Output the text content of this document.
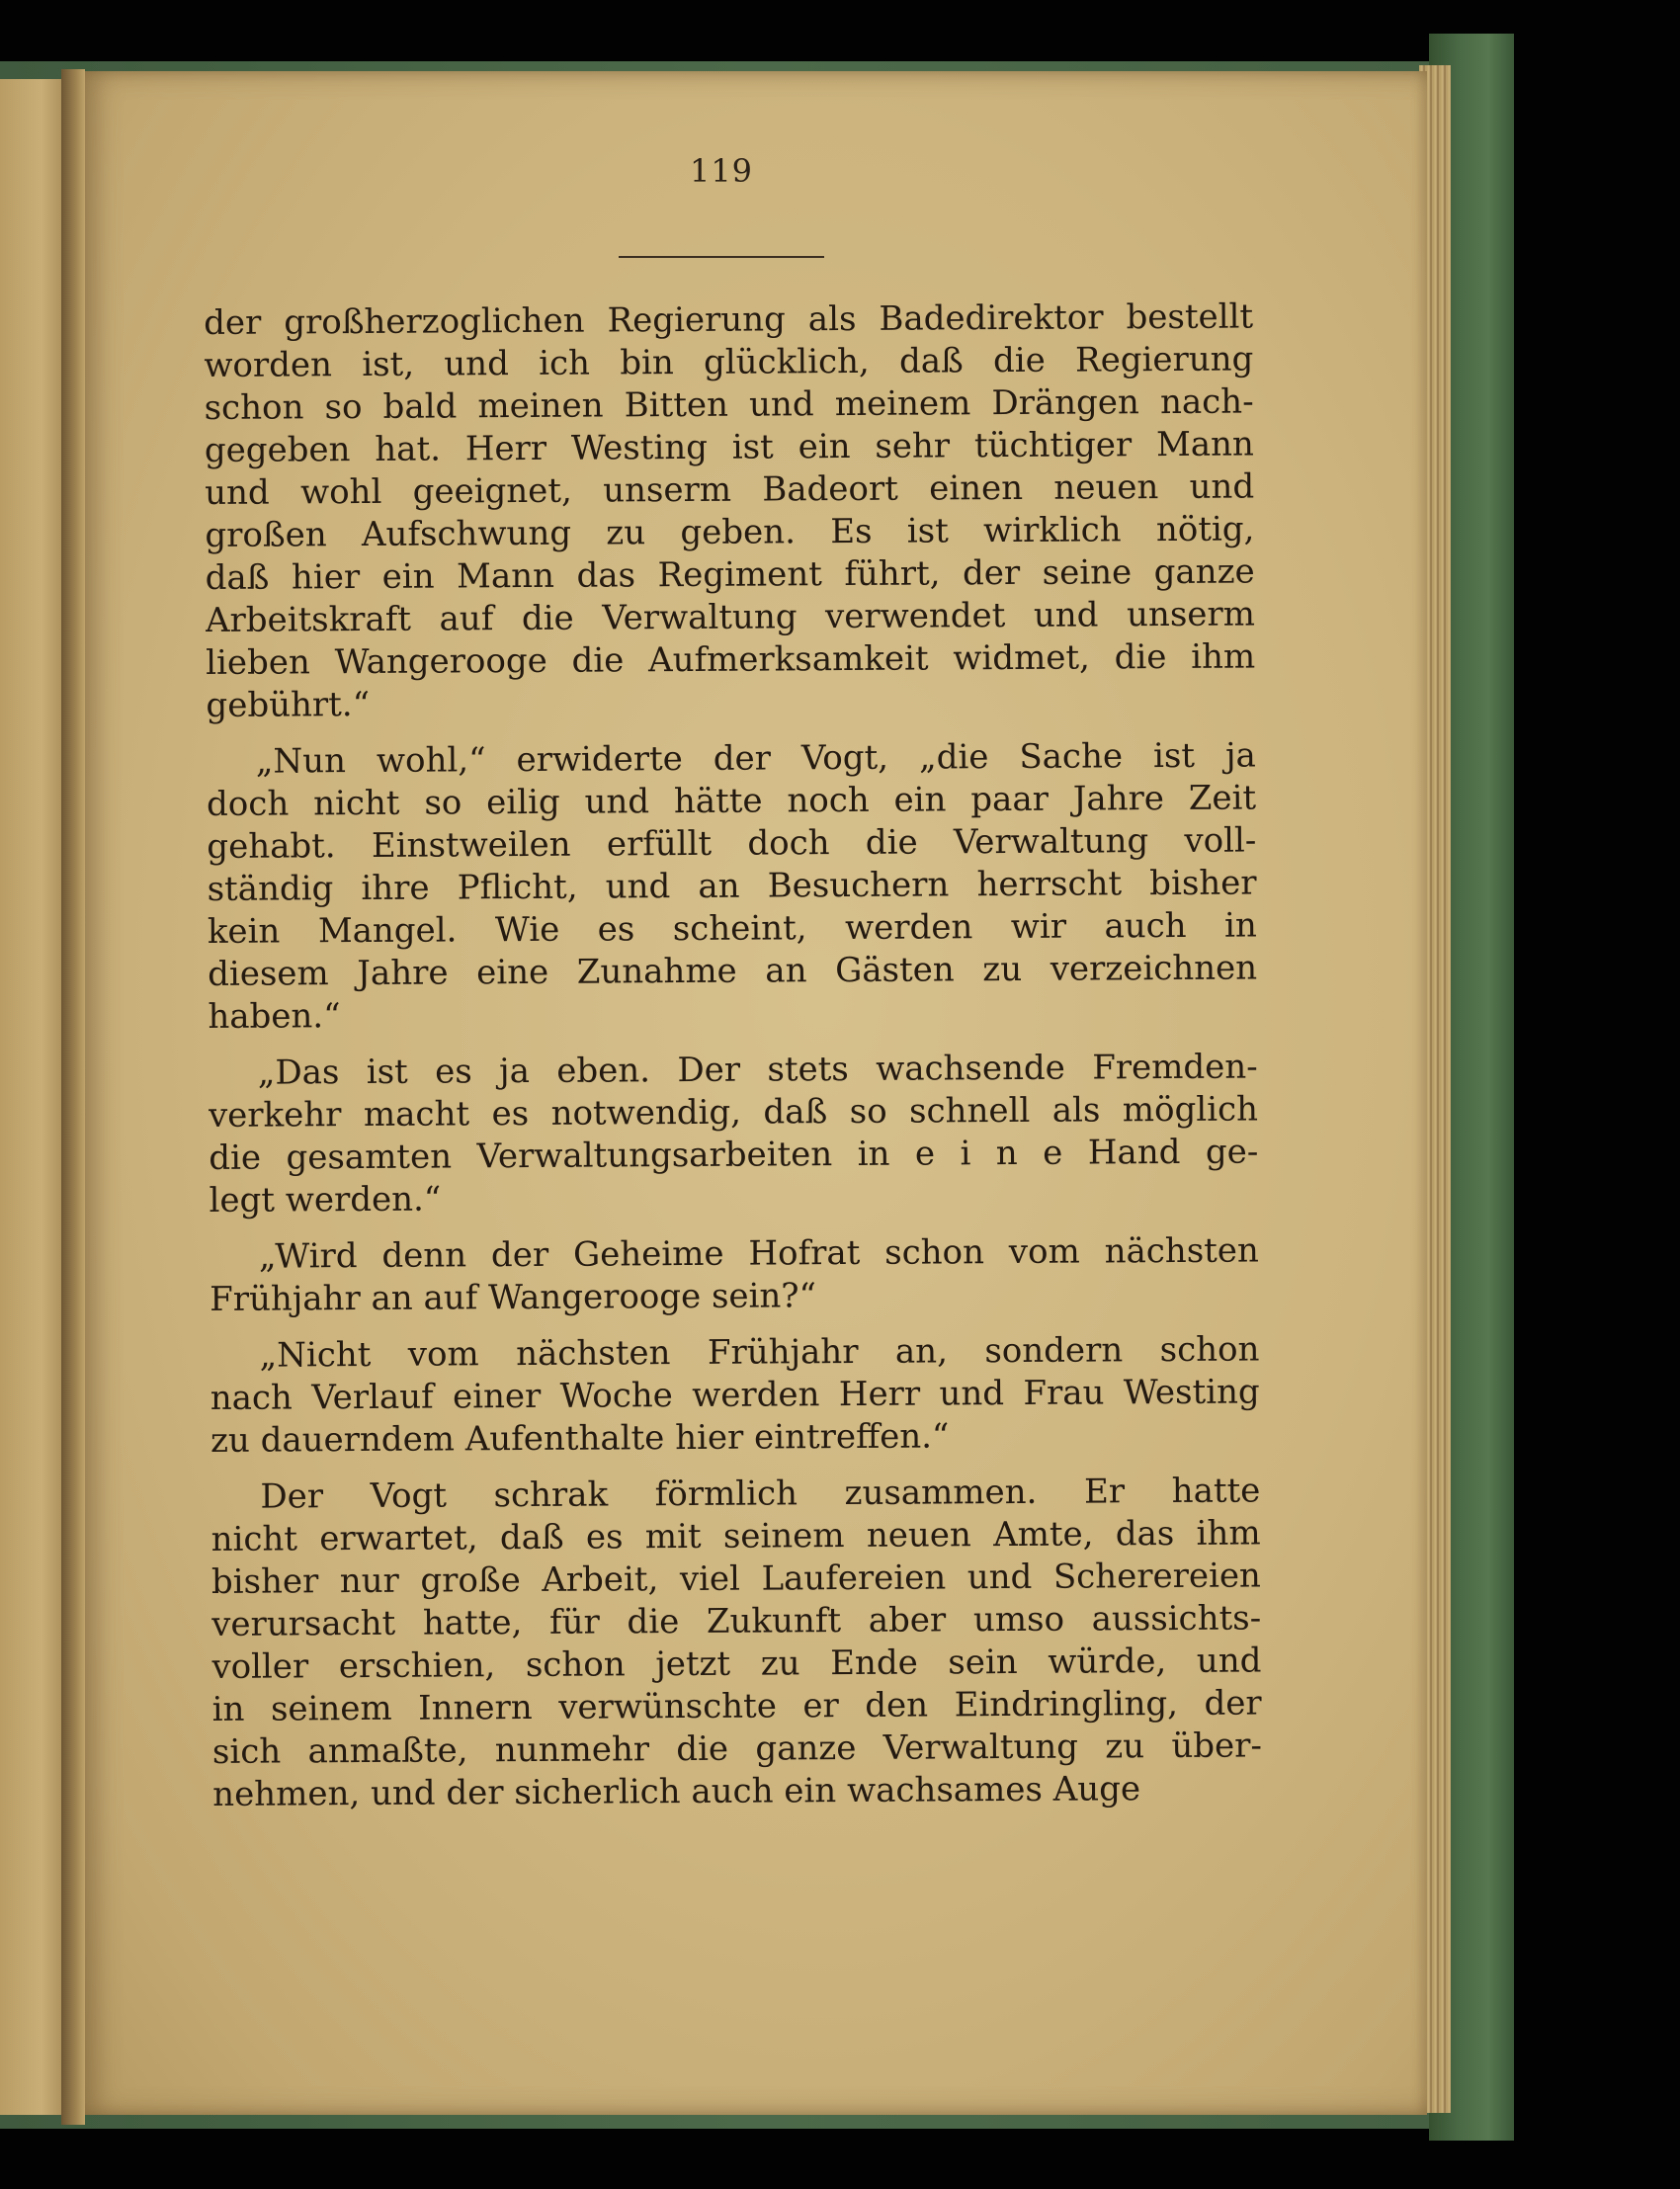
119
der großherzoglichen Regierung als Badedirektor bestellt
worden ist, und ich bin glücklich, daß die Regierung
schon so bald meinen Bitten und meinem Drängen nach-
gegeben hat. Herr Westing ist ein sehr tüchtiger Mann
und wohl geeignet, unserm Badeort einen neuen und
großen Aufschwung zu geben. Es ist wirklich nötig,
daß hier ein Mann das Regiment führt, der seine ganze
Arbeitskraft auf die Verwaltung verwendet und unserm
lieben Wangerooge die Aufmerksamkeit widmet, die ihm
gebührt.“
„Nun wohl,“ erwiderte der Vogt, „die Sache ist ja
doch nicht so eilig und hätte noch ein paar Jahre Zeit
gehabt. Einstweilen erfüllt doch die Verwaltung voll-
ständig ihre Pflicht, und an Besuchern herrscht bisher
kein Mangel. Wie es scheint, werden wir auch in
diesem Jahre eine Zunahme an Gästen zu verzeichnen
haben.“
„Das ist es ja eben. Der stets wachsende Fremden-
verkehr macht es notwendig, daß so schnell als möglich
die gesamten Verwaltungsarbeiten in e i n e Hand ge-
legt werden.“
„Wird denn der Geheime Hofrat schon vom nächsten
Frühjahr an auf Wangerooge sein?“
„Nicht vom nächsten Frühjahr an, sondern schon
nach Verlauf einer Woche werden Herr und Frau Westing
zu dauerndem Aufenthalte hier eintreffen.“
Der Vogt schrak förmlich zusammen. Er hatte
nicht erwartet, daß es mit seinem neuen Amte, das ihm
bisher nur große Arbeit, viel Laufereien und Scherereien
verursacht hatte, für die Zukunft aber umso aussichts-
voller erschien, schon jetzt zu Ende sein würde, und
in seinem Innern verwünschte er den Eindringling, der
sich anmaßte, nunmehr die ganze Verwaltung zu über-
nehmen, und der sicherlich auch ein wachsames Auge
